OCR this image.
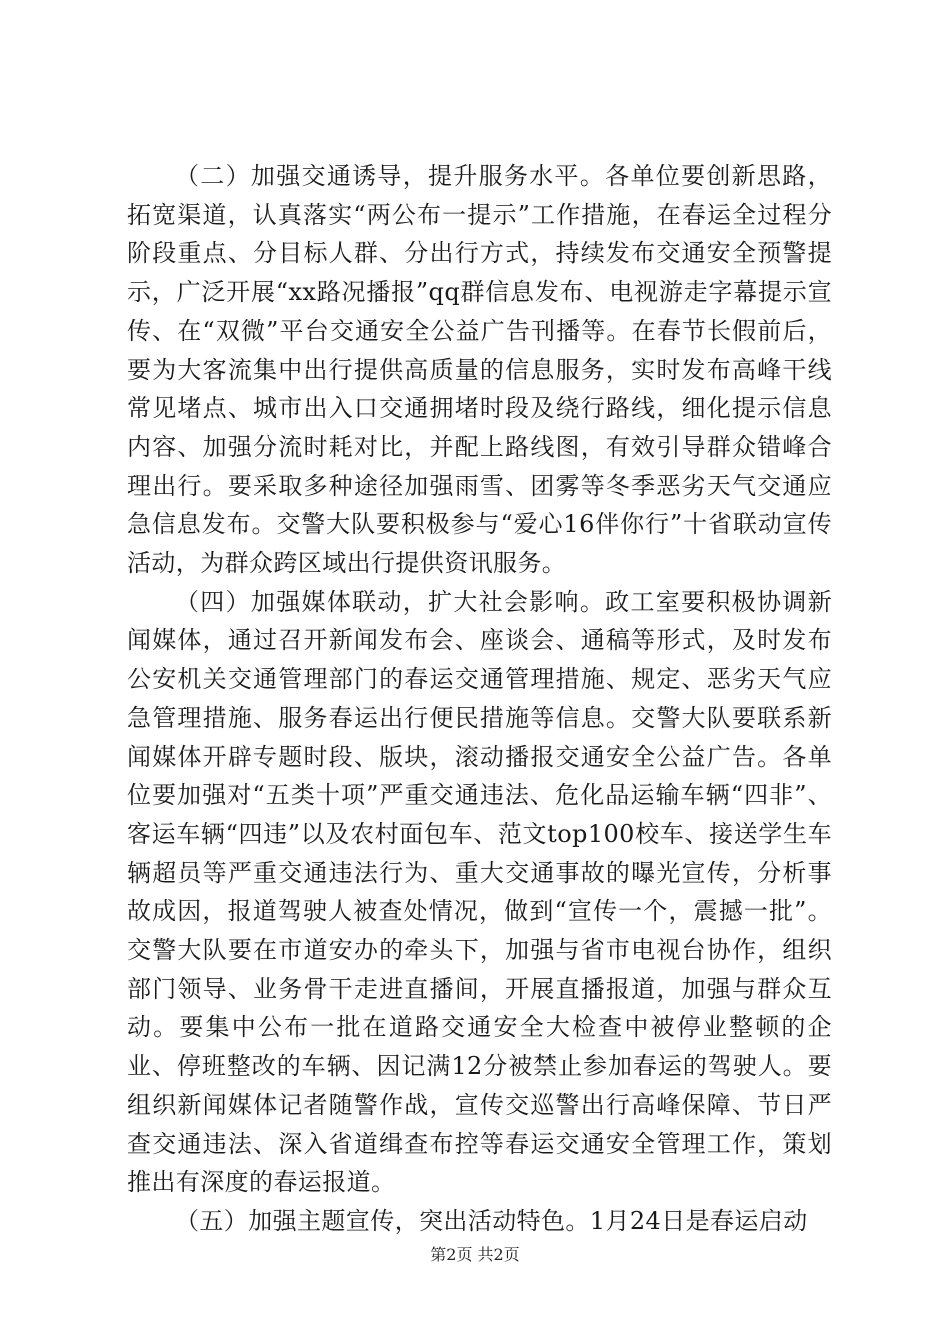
（二）加强交通诱导，提升服务水平。各单位要创新思路，拓宽渠道，认真落实“两公布一提示”工作措施，在春运全过程分阶段重点、分目标人群、分出行方式，持续发布交通安全预警提示，广泛开展“xx路况播报”qq群信息发布、电视游走字幕提示宣传、在“双微”平台交通安全公益广告刊播等。在春节长假前后，要为大客流集中出行提供高质量的信息服务，实时发布高峰干线常见堵点、城市出入口交通拥堵时段及绕行路线，细化提示信息内容、加强分流时耗对比，并配上路线图，有效引导群众错峰合理出行。要采取多种途径加强雨雪、团雾等冬季恶劣天气交通应急信息发布。交警大队要积极参与“爱心16伴你行”十省联动宣传活动，为群众跨区域出行提供资讯服务。

（四）加强媒体联动，扩大社会影响。政工室要积极协调新闻媒体，通过召开新闻发布会、座谈会、通稿等形式，及时发布公安机关交通管理部门的春运交通管理措施、规定、恶劣天气应急管理措施、服务春运出行便民措施等信息。交警大队要联系新闻媒体开辟专题时段、版块，滚动播报交通安全公益广告。各单位要加强对“五类十项”严重交通违法、危化品运输车辆“四非”、客运车辆“四违”以及农村面包车、范文top100校车、接送学生车辆超员等严重交通违法行为、重大交通事故的曝光宣传，分析事故成因，报道驾驶人被查处情况，做到“宣传一个，震撼一批”。交警大队要在市道安办的牵头下，加强与省市电视台协作，组织部门领导、业务骨干走进直播间，开展直播报道，加强与群众互动。要集中公布一批在道路交通安全大检查中被停业整顿的企业、停班整改的车辆、因记满12分被禁止参加春运的驾驶人。要组织新闻媒体记者随警作战，宣传交巡警出行高峰保障、节日严查交通违法、深入省道缉查布控等春运交通安全管理工作，策划推出有深度的春运报道。

（五）加强主题宣传，突出活动特色。1月24日是春运启动

第2页 共2页
